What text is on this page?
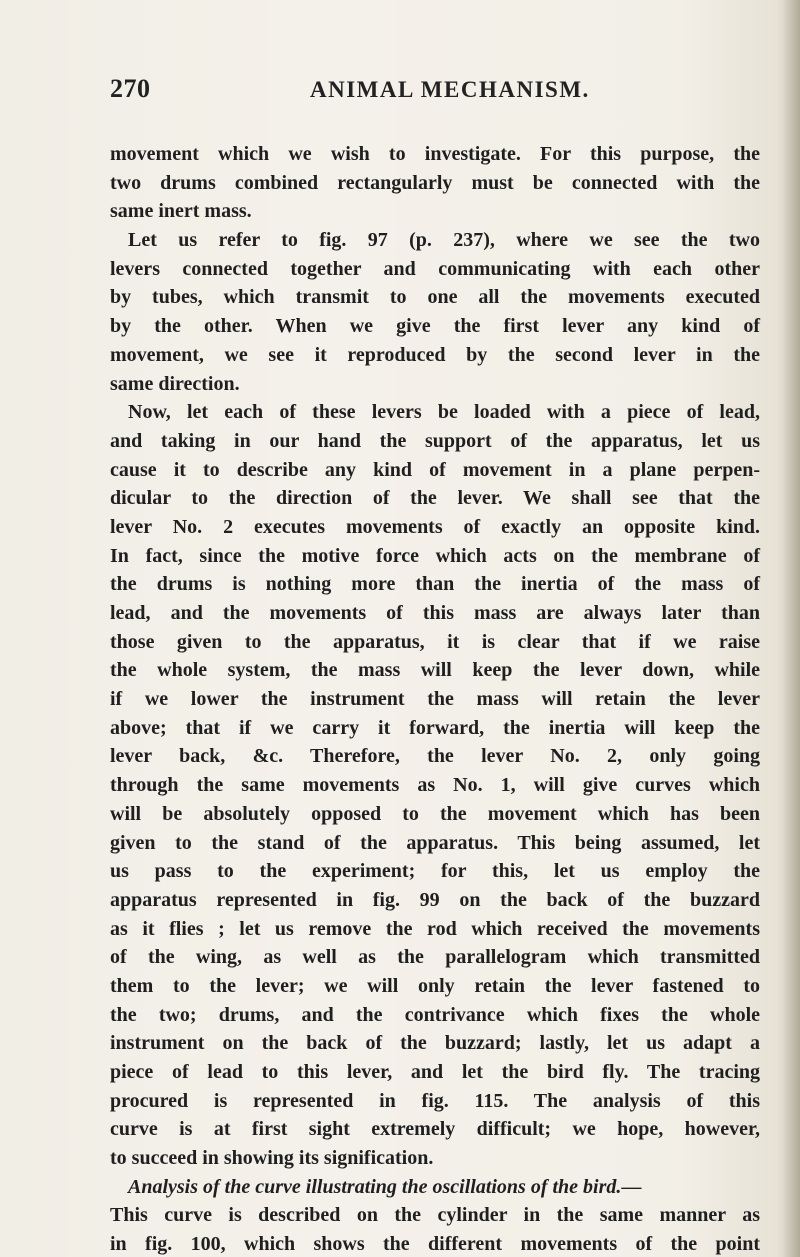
270	ANIMAL MECHANISM.
movement which we wish to investigate. For this purpose, the
two drums combined rectangularly must be connected with the
same inert mass.
Let us refer to fig. 97 (p. 237), where we see the two
levers connected together and communicating with each other
by tubes, which transmit to one all the movements executed
by the other. When we give the first lever any kind of
movement, we see it reproduced by the second lever in the
same direction.
Now, let each of these levers be loaded with a piece of lead,
and taking in our hand the support of the apparatus, let us
cause it to describe any kind of movement in a plane perpen-
dicular to the direction of the lever. We shall see that the
lever No. 2 executes movements of exactly an opposite kind.
In fact, since the motive force which acts on the membrane of
the drums is nothing more than the inertia of the mass of
lead, and the movements of this mass are always later than
those given to the apparatus, it is clear that if we raise
the whole system, the mass will keep the lever down, while
if we lower the instrument the mass will retain the lever
above; that if we carry it forward, the inertia will keep the
lever back, &c. Therefore, the lever No. 2, only going
through the same movements as No. 1, will give curves which
will be absolutely opposed to the movement which has been
given to the stand of the apparatus. This being assumed, let
us pass to the experiment; for this, let us employ the
apparatus represented in fig. 99 on the back of the buzzard
as it flies ; let us remove the rod which received the movements
of the wing, as well as the parallelogram which transmitted
them to the lever; we will only retain the lever fastened to
the two; drums, and the contrivance which fixes the whole
instrument on the back of the buzzard; lastly, let us adapt a
piece of lead to this lever, and let the bird fly. The tracing
procured is represented in fig. 115. The analysis of this
curve is at first sight extremely difficult; we hope, however,
to succeed in showing its signification.
Analysis of the curve illustrating the oscillations of the bird.—
This curve is described on the cylinder in the same manner as
in fig. 100, which shows the different movements of the point
